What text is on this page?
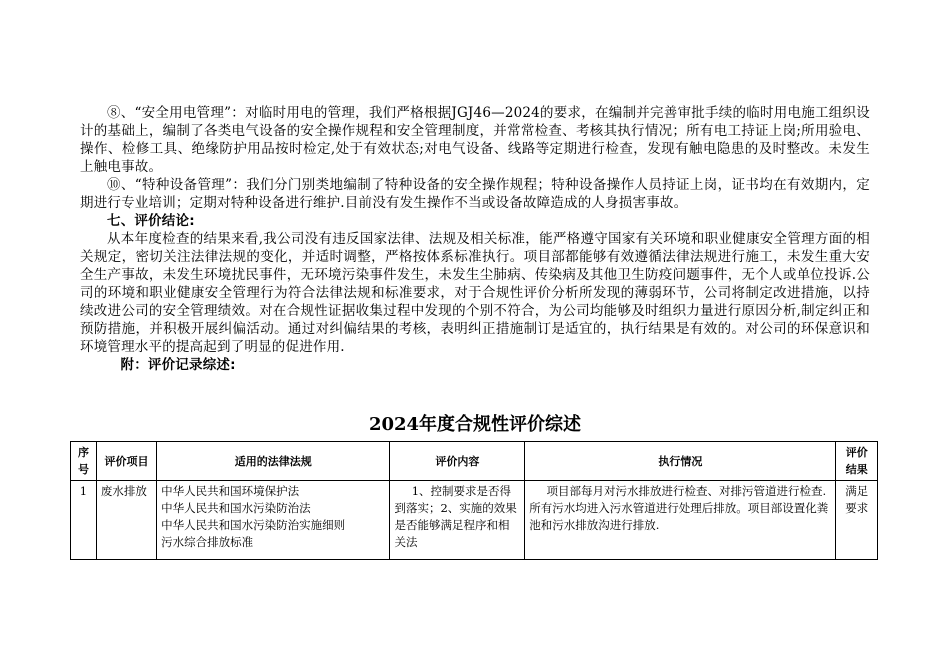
⑧、“安全用电管理”：对临时用电的管理，我们严格根据JGJ46—2024的要求，在编制并完善审批手续的临时用电施工组织设计的基础上，编制了各类电气设备的安全操作规程和安全管理制度，并常常检查、考核其执行情况；所有电工持证上岗;所用验电、操作、检修工具、绝缘防护用品按时检定,处于有效状态;对电气设备、线路等定期进行检查，发现有触电隐患的及时整改。未发生上触电事故。

⑩、“特种设备管理”：我们分门别类地编制了特种设备的安全操作规程；特种设备操作人员持证上岗，证书均在有效期内，定期进行专业培训；定期对特种设备进行维护.目前没有发生操作不当或设备故障造成的人身损害事故。

七、评价结论:

从本年度检查的结果来看,我公司没有违反国家法律、法规及相关标准，能严格遵守国家有关环境和职业健康安全管理方面的相关规定，密切关注法律法规的变化，并适时调整，严格按体系标准执行。项目部都能够有效遵循法律法规进行施工，未发生重大安全生产事故，未发生环境扰民事件，无环境污染事件发生，未发生尘肺病、传染病及其他卫生防疫问题事件，无个人或单位投诉.公司的环境和职业健康安全管理行为符合法律法规和标准要求，对于合规性评价分析所发现的薄弱环节，公司将制定改进措施，以持续改进公司的安全管理绩效。对在合规性证据收集过程中发现的个别不符合，为公司均能够及时组织力量进行原因分析,制定纠正和预防措施，并积极开展纠偏活动。通过对纠偏结果的考核，表明纠正措施制订是适宜的，执行结果是有效的。对公司的环保意识和环境管理水平的提高起到了明显的促进作用.

附：评价记录综述:

2024年度合规性评价综述
序号	评价项目	适用的法律法规	评价内容	执行情况	评价结果
1	废水排放	中华人民共和国环境保护法
中华人民共和国水污染防治法
中华人民共和国水污染防治实施细则
污水综合排放标准	1、控制要求是否得到落实；2、实施的效果是否能够满足程序和相关法	项目部每月对污水排放进行检查、对排污管道进行检查.所有污水均进入污水管道进行处理后排放。项目部设置化粪池和污水排放沟进行排放.	满足要求
